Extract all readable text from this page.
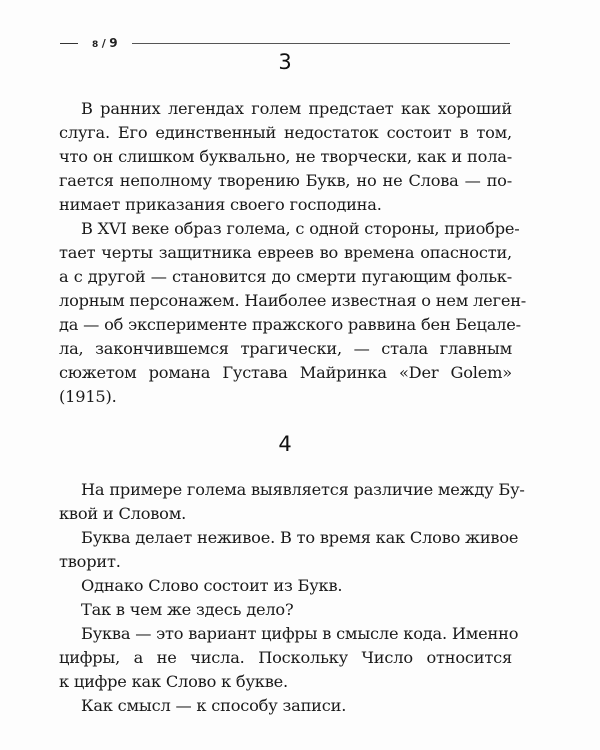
8 / 9
3
В ранних легендах голем предстает как хороший
слуга. Его единственный недостаток состоит в том,
что он слишком буквально, не творчески, как и пола-
гается неполному творению Букв, но не Слова — по-
нимает приказания своего господина.
В XVI веке образ голема, с одной стороны, приобре-
тает черты защитника евреев во времена опасности,
а с другой — становится до смерти пугающим фольк-
лорным персонажем. Наиболее известная о нем леген-
да — об эксперименте пражского раввина бен Бецале-
ла, закончившемся трагически, — стала главным
сюжетом романа Густава Майринка «Der Golem»
(1915).
4
На примере голема выявляется различие между Бу-
квой и Словом.
Буква делает неживое. В то время как Слово живое
творит.
Однако Слово состоит из Букв.
Так в чем же здесь дело?
Буква — это вариант цифры в смысле кода. Именно
цифры, а не числа. Поскольку Число относится
к цифре как Слово к букве.
Как смысл — к способу записи.
